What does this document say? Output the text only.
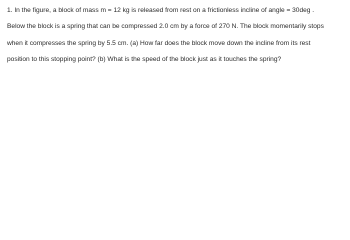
1. In the figure, a block of mass m = 12 kg is released from rest on a frictionless incline of angle = 30deg .
Below the block is a spring that can be compressed 2.0 cm by a force of 270 N. The block momentarily stops
when it compresses the spring by 5.5 cm. (a) How far does the block move down the incline from its rest
position to this stopping point? (b) What is the speed of the block just as it touches the spring?
